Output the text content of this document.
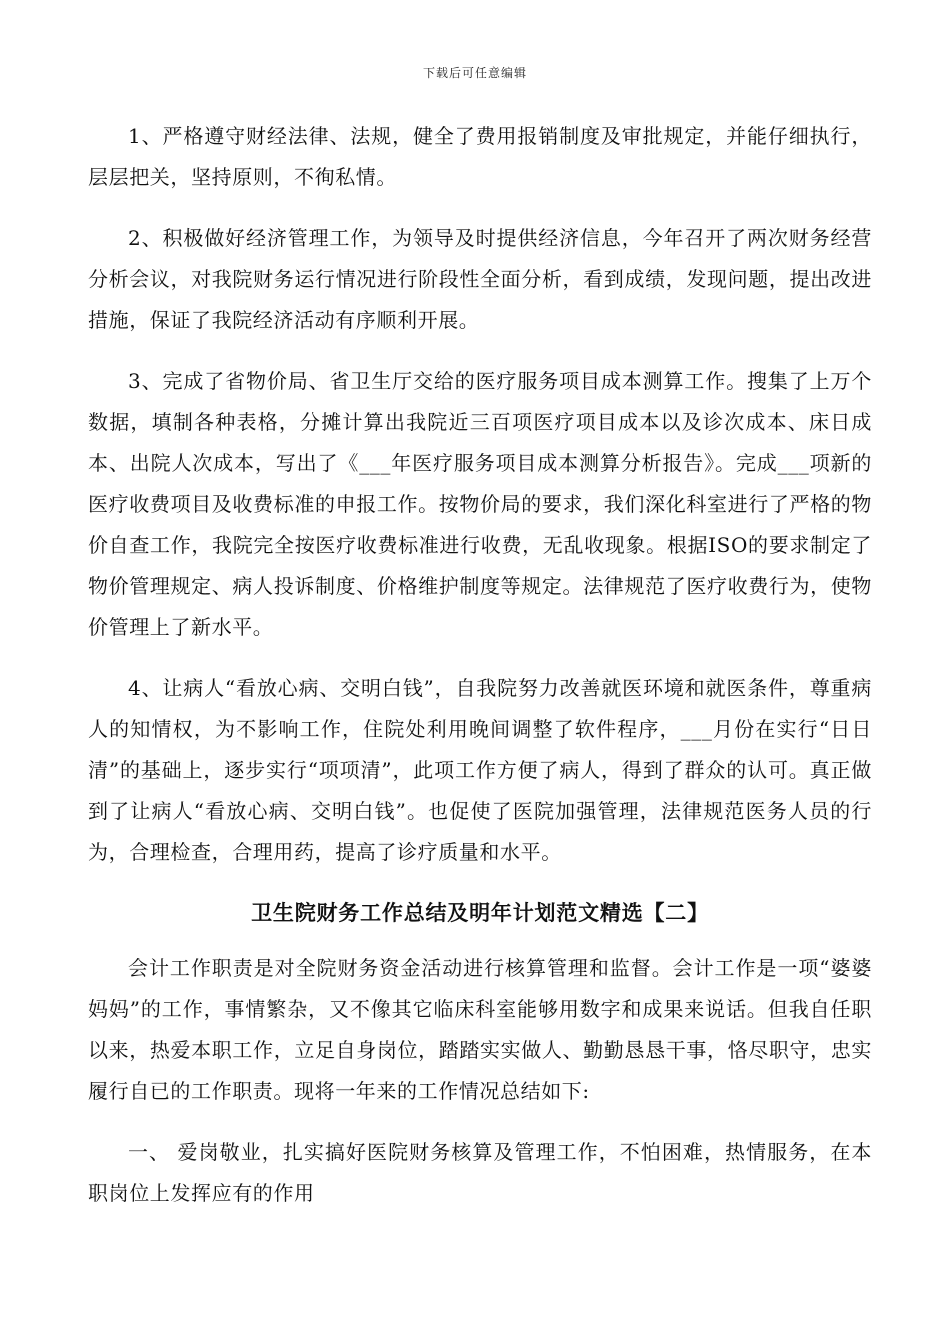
下载后可任意编辑

1、严格遵守财经法律、法规，健全了费用报销制度及审批规定，并能仔细执行，层层把关，坚持原则，不徇私情。

2、积极做好经济管理工作，为领导及时提供经济信息，今年召开了两次财务经营分析会议，对我院财务运行情况进行阶段性全面分析，看到成绩，发现问题，提出改进措施，保证了我院经济活动有序顺利开展。

3、完成了省物价局、省卫生厅交给的医疗服务项目成本测算工作。搜集了上万个数据，填制各种表格，分摊计算出我院近三百项医疗项目成本以及诊次成本、床日成本、出院人次成本，写出了《___年医疗服务项目成本测算分析报告》。完成___项新的医疗收费项目及收费标准的申报工作。按物价局的要求，我们深化科室进行了严格的物价自查工作，我院完全按医疗收费标准进行收费，无乱收现象。根据ISO的要求制定了物价管理规定、病人投诉制度、价格维护制度等规定。法律规范了医疗收费行为，使物价管理上了新水平。

4、让病人“看放心病、交明白钱”，自我院努力改善就医环境和就医条件，尊重病人的知情权，为不影响工作，住院处利用晚间调整了软件程序，___月份在实行“日日清”的基础上，逐步实行“项项清”，此项工作方便了病人，得到了群众的认可。真正做到了让病人“看放心病、交明白钱”。也促使了医院加强管理，法律规范医务人员的行为，合理检查，合理用药，提高了诊疗质量和水平。

卫生院财务工作总结及明年计划范文精选【二】

会计工作职责是对全院财务资金活动进行核算管理和监督。会计工作是一项“婆婆妈妈”的工作，事情繁杂，又不像其它临床科室能够用数字和成果来说话。但我自任职以来，热爱本职工作，立足自身岗位，踏踏实实做人、勤勤恳恳干事，恪尽职守，忠实履行自已的工作职责。现将一年来的工作情况总结如下:

一、 爱岗敬业，扎实搞好医院财务核算及管理工作，不怕困难，热情服务，在本职岗位上发挥应有的作用
